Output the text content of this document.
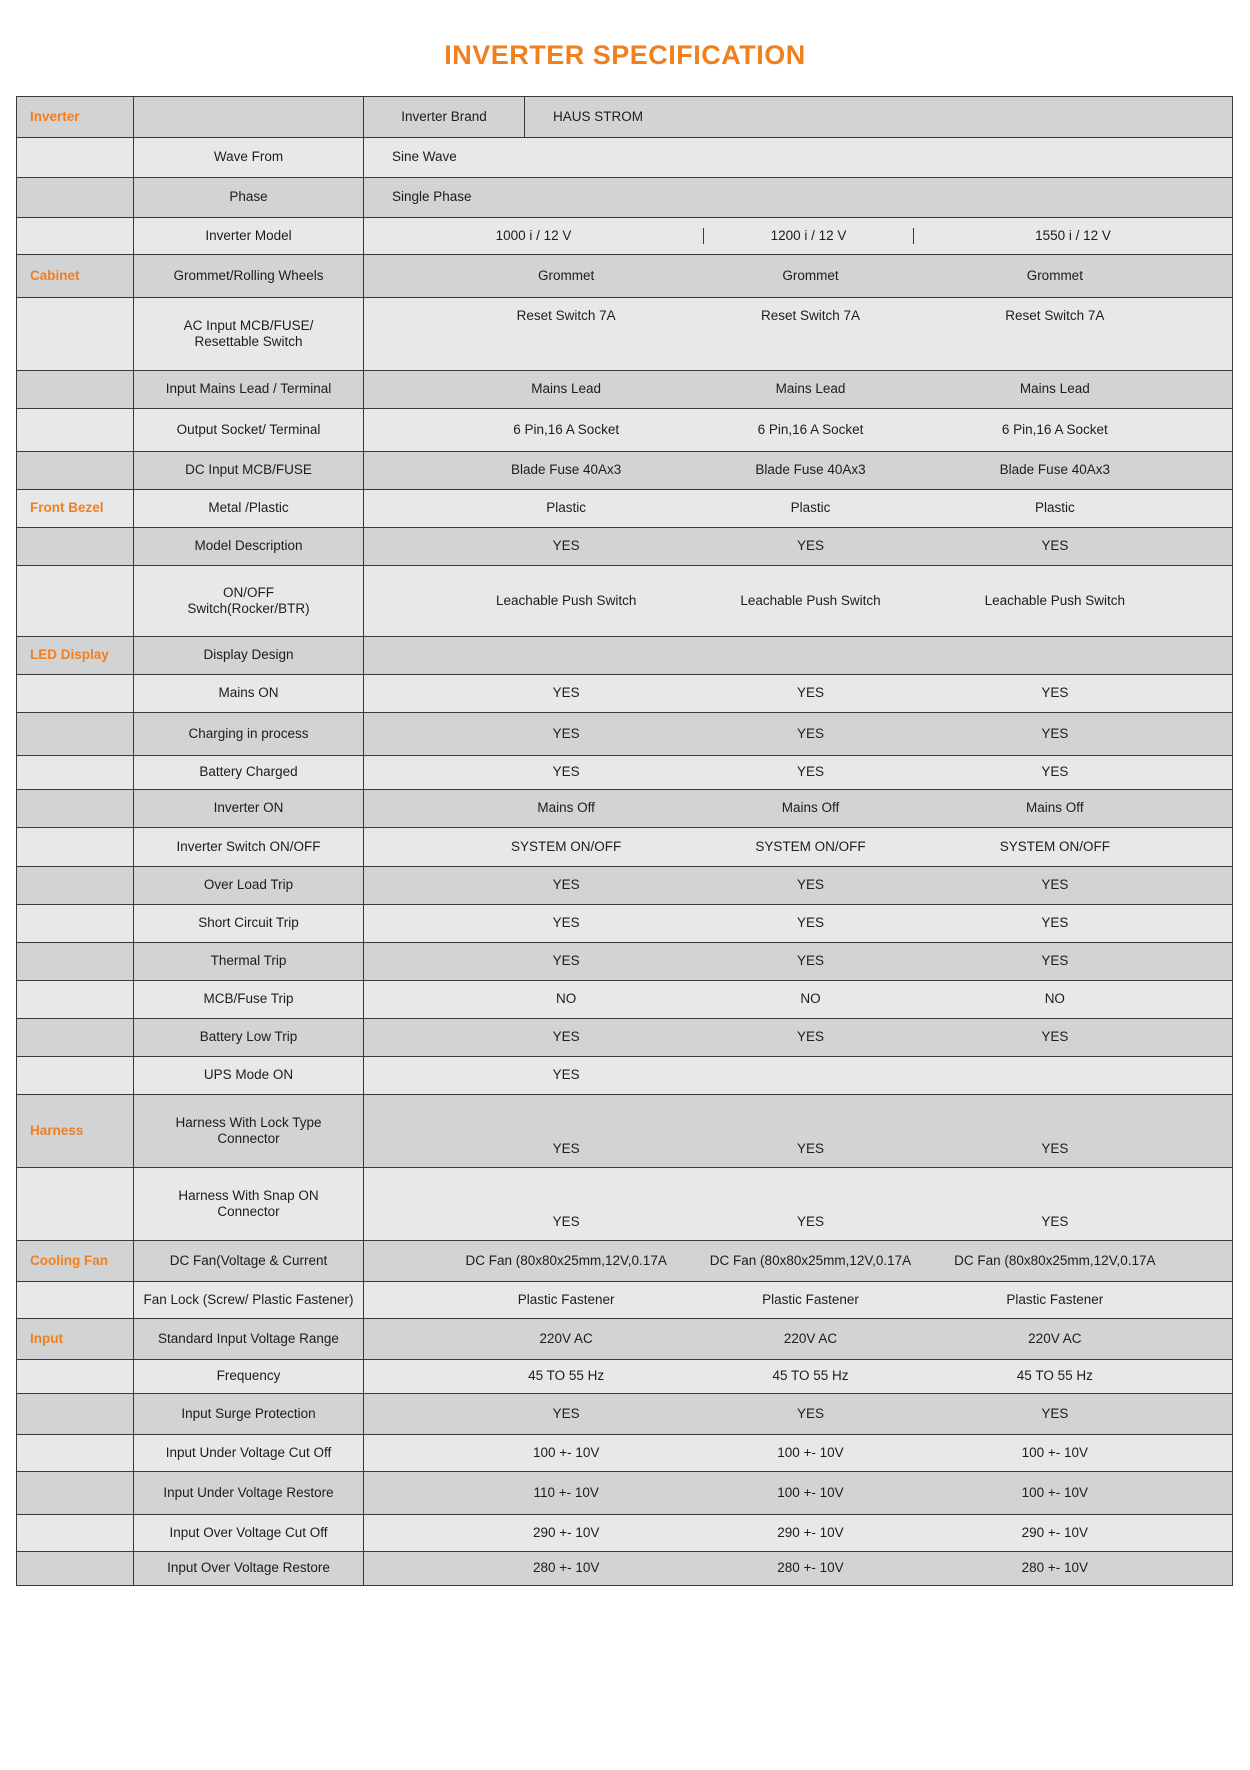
INVERTER SPECIFICATION
Inverter		Inverter Brand HAUS STROM

	Wave From	Sine Wave
	Phase	Single Phase
	Inverter Model	1000 i / 12 V 1200 i / 12 V 1550 i / 12 V

Cabinet	Grommet/Rolling Wheels	Grommet Grommet Grommet

	AC Input MCB/FUSE/ Resettable Switch	Reset Switch 7A Reset Switch 7A Reset Switch 7A

	Input Mains Lead / Terminal	Mains Lead Mains Lead Mains Lead

	Output Socket/ Terminal	6 Pin,16 A Socket 6 Pin,16 A Socket 6 Pin,16 A Socket

	DC Input MCB/FUSE	Blade Fuse 40Ax3 Blade Fuse 40Ax3 Blade Fuse 40Ax3

Front Bezel	Metal /Plastic	Plastic Plastic Plastic

	Model Description	YES YES YES

	ON/OFF Switch(Rocker/BTR)	Leachable Push Switch Leachable Push Switch Leachable Push Switch

LED Display	Display Design	

	Mains ON	YES YES YES

	Charging in process	YES YES YES

	Battery Charged	YES YES YES

	Inverter ON	Mains Off Mains Off Mains Off

	Inverter Switch ON/OFF	SYSTEM ON/OFF SYSTEM ON/OFF SYSTEM ON/OFF

	Over Load Trip	YES YES YES

	Short Circuit Trip	YES YES YES

	Thermal Trip	YES YES YES

	MCB/Fuse Trip	NO NO NO

	Battery Low Trip	YES YES YES

	UPS Mode ON	YES

Harness	Harness With Lock Type Connector	YES YES YES

	Harness With Snap ON Connector	YES YES YES

Cooling Fan	DC Fan(Voltage & Current	DC Fan (80x80x25mm,12V,0.17A DC Fan (80x80x25mm,12V,0.17A DC Fan (80x80x25mm,12V,0.17A

	Fan Lock (Screw/ Plastic Fastener)	Plastic Fastener Plastic Fastener Plastic Fastener

Input	Standard Input Voltage Range	220V AC 220V AC 220V AC

	Frequency	45 TO 55 Hz 45 TO 55 Hz 45 TO 55 Hz

	Input Surge Protection	YES YES YES

	Input Under Voltage Cut Off	100 +- 10V 100 +- 10V 100 +- 10V

	Input Under Voltage Restore	110 +- 10V 100 +- 10V 100 +- 10V

	Input Over Voltage Cut Off	290 +- 10V 290 +- 10V 290 +- 10V

	Input Over Voltage Restore	280 +- 10V 280 +- 10V 280 +- 10V
